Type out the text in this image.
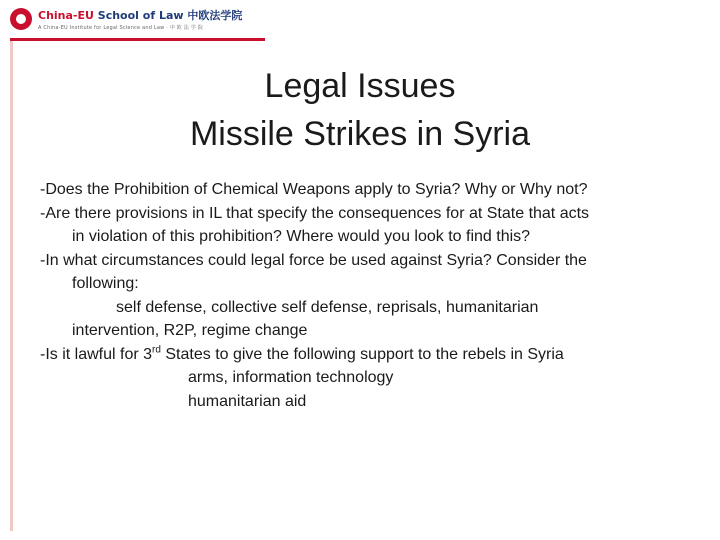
China-EU School of Law 中欧法学院
A China-EU Institute for Legal Science and Law · 中 欧 法 学 院
Legal Issues
Missile Strikes in Syria
-Does the Prohibition of Chemical Weapons apply to Syria? Why or Why not?
-Are there provisions in IL that specify the consequences for at State that acts
in violation of this prohibition? Where would you look to find this?
-In what circumstances could legal force be used against Syria? Consider the
following:
self defense, collective self defense, reprisals, humanitarian
intervention, R2P, regime change
-Is it lawful for 3rd States to give the following support to the rebels in Syria
arms, information technology
humanitarian aid
